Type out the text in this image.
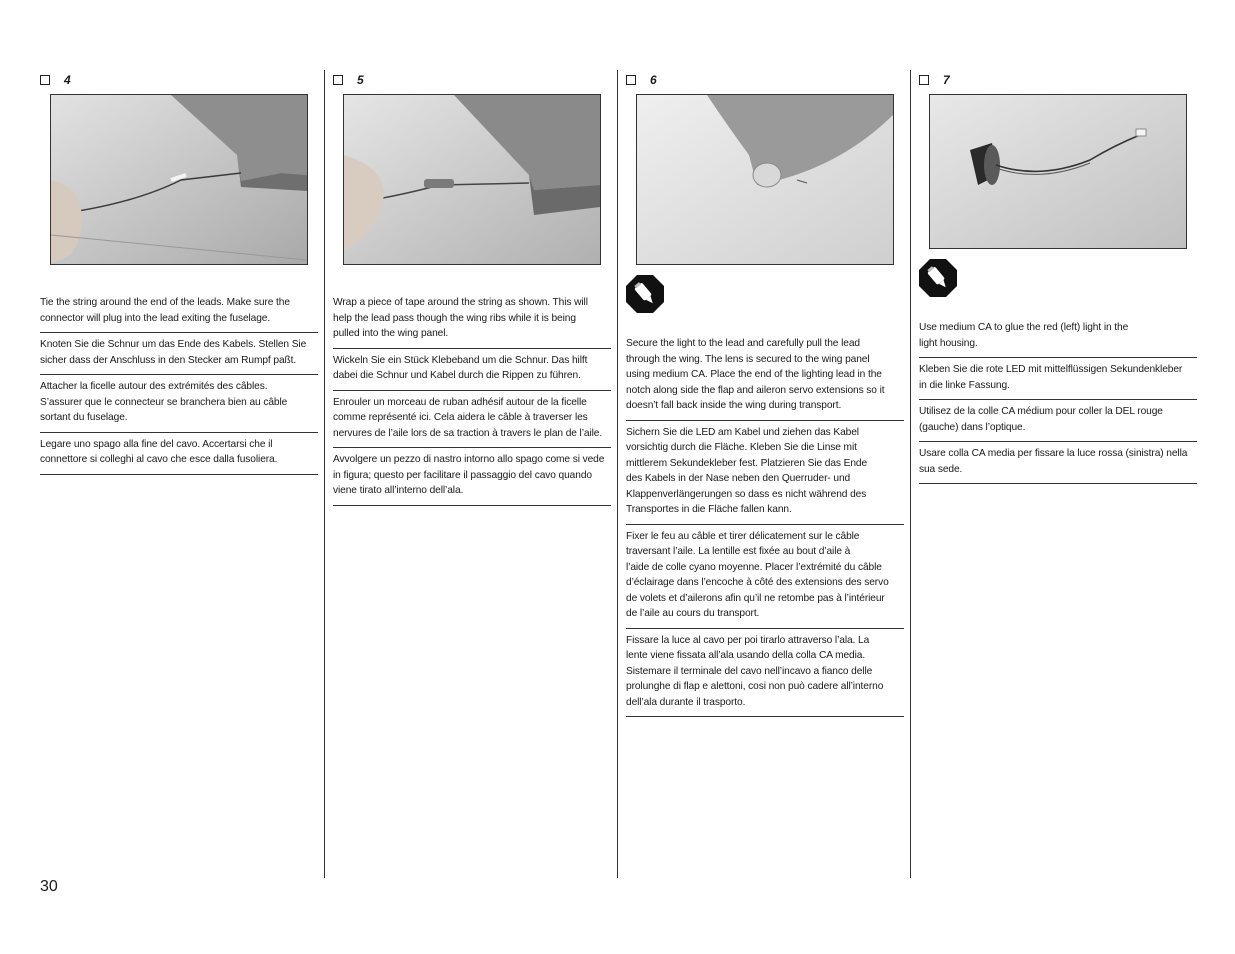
4
Tie the string around the end of the leads. Make sure the
connector will plug into the lead exiting the fuselage.
Knoten Sie die Schnur um das Ende des Kabels. Stellen Sie
sicher dass der Anschluss in den Stecker am Rumpf paßt.
Attacher la ficelle autour des extrémités des câbles.
S’assurer que le connecteur se branchera bien au câble
sortant du fuselage.
Legare uno spago alla fine del cavo. Accertarsi che il
connettore si colleghi al cavo che esce dalla fusoliera.
5
Wrap a piece of tape around the string as shown. This will
help the lead pass though the wing ribs while it is being
pulled into the wing panel.
Wickeln Sie ein Stück Klebeband um die Schnur. Das hilft
dabei die Schnur und Kabel durch die Rippen zu führen.
Enrouler un morceau de ruban adhésif autour de la ficelle
comme représenté ici. Cela aidera le câble à traverser les
nervures de l’aile lors de sa traction à travers le plan de l’aile.
Avvolgere un pezzo di nastro intorno allo spago come si vede
in figura; questo per facilitare il passaggio del cavo quando
viene tirato all’interno dell’ala.
6
Secure the light to the lead and carefully pull the lead
through the wing. The lens is secured to the wing panel
using medium CA. Place the end of the lighting lead in the
notch along side the flap and aileron servo extensions so it
doesn’t fall back inside the wing during transport.
Sichern Sie die LED am Kabel und ziehen das Kabel
vorsichtig durch die Fläche. Kleben Sie die Linse mit
mittlerem Sekundekleber fest. Platzieren Sie das Ende
des Kabels in der Nase neben den Querruder- und
Klappenverlängerungen so dass es nicht während des
Transportes in die Fläche fallen kann.
Fixer le feu au câble et tirer délicatement sur le câble
traversant l’aile. La lentille est fixée au bout d’aile à
l’aide de colle cyano moyenne. Placer l’extrémité du câble
d’éclairage dans l’encoche à côté des extensions des servo
de volets et d’ailerons afin qu’il ne retombe pas à l’intérieur
de l’aile au cours du transport.
Fissare la luce al cavo per poi tirarlo attraverso l’ala. La
lente viene fissata all’ala usando della colla CA media.
Sistemare il terminale del cavo nell’incavo a fianco delle
prolunghe di flap e alettoni, cosi non può cadere all’interno
dell’ala durante il trasporto.
7
Use medium CA to glue the red (left) light in the
light housing.
Kleben Sie die rote LED mit mittelflüssigen Sekundenkleber
in die linke Fassung.
Utilisez de la colle CA médium pour coller la DEL rouge
(gauche) dans l’optique.
Usare colla CA media per fissare la luce rossa (sinistra) nella
sua sede.
30
